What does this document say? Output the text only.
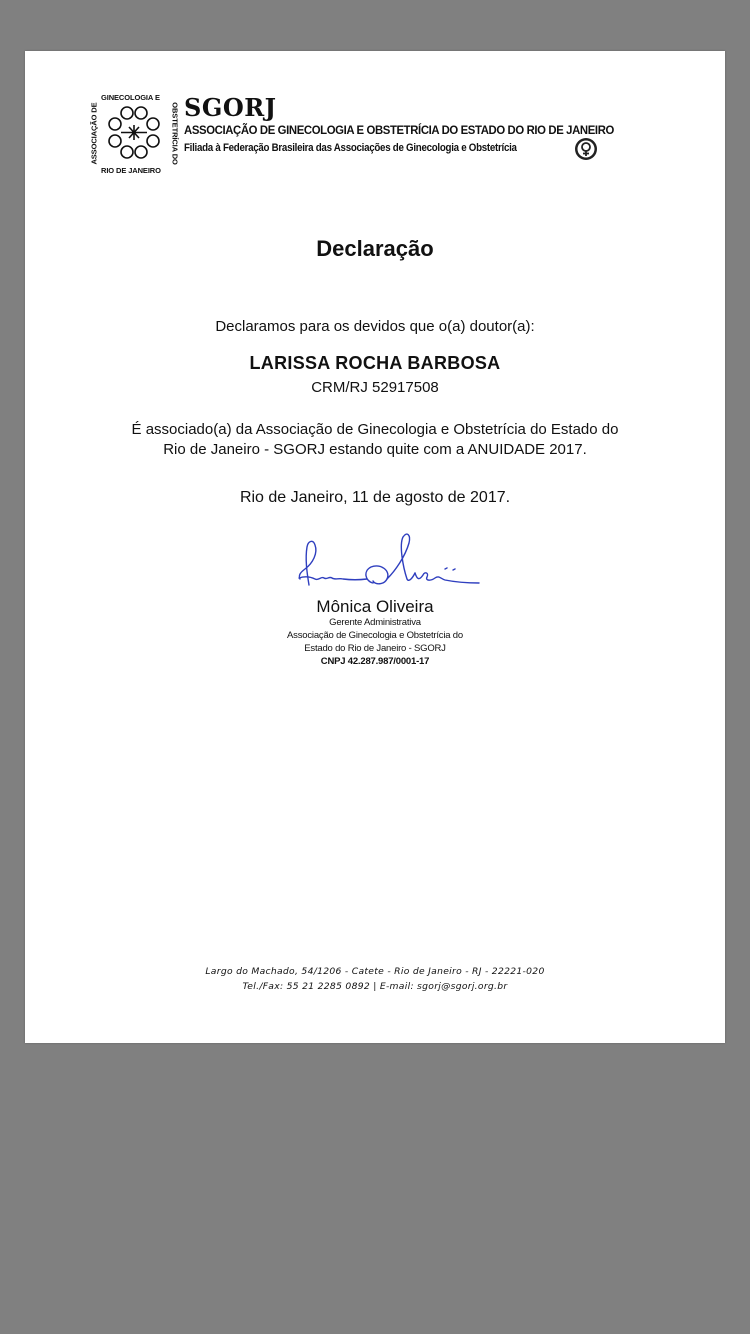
GINECOLOGIA E
ASSOCIAÇÃO DE	OBSTETRÍCIA DO
RIO DE JANEIRO
SGORJ
ASSOCIAÇÃO DE GINECOLOGIA E OBSTETRÍCIA DO ESTADO DO RIO DE JANEIRO
Filiada à Federação Brasileira das Associações de Ginecologia e Obstetrícia
Declaração
Declaramos para os devidos que o(a) doutor(a):
LARISSA ROCHA BARBOSA
CRM/RJ 52917508
É associado(a) da Associação de Ginecologia e Obstetrícia do Estado do
Rio de Janeiro - SGORJ estando quite com a ANUIDADE 2017.
Rio de Janeiro, 11 de agosto de 2017.
Mônica Oliveira
Gerente Administrativa
Associação de Ginecologia e Obstetrícia do
Estado do Rio de Janeiro - SGORJ
CNPJ 42.287.987/0001-17
Largo do Machado, 54/1206 - Catete - Rio de Janeiro - RJ - 22221-020
Tel./Fax: 55 21 2285 0892 | E-mail: sgorj@sgorj.org.br
